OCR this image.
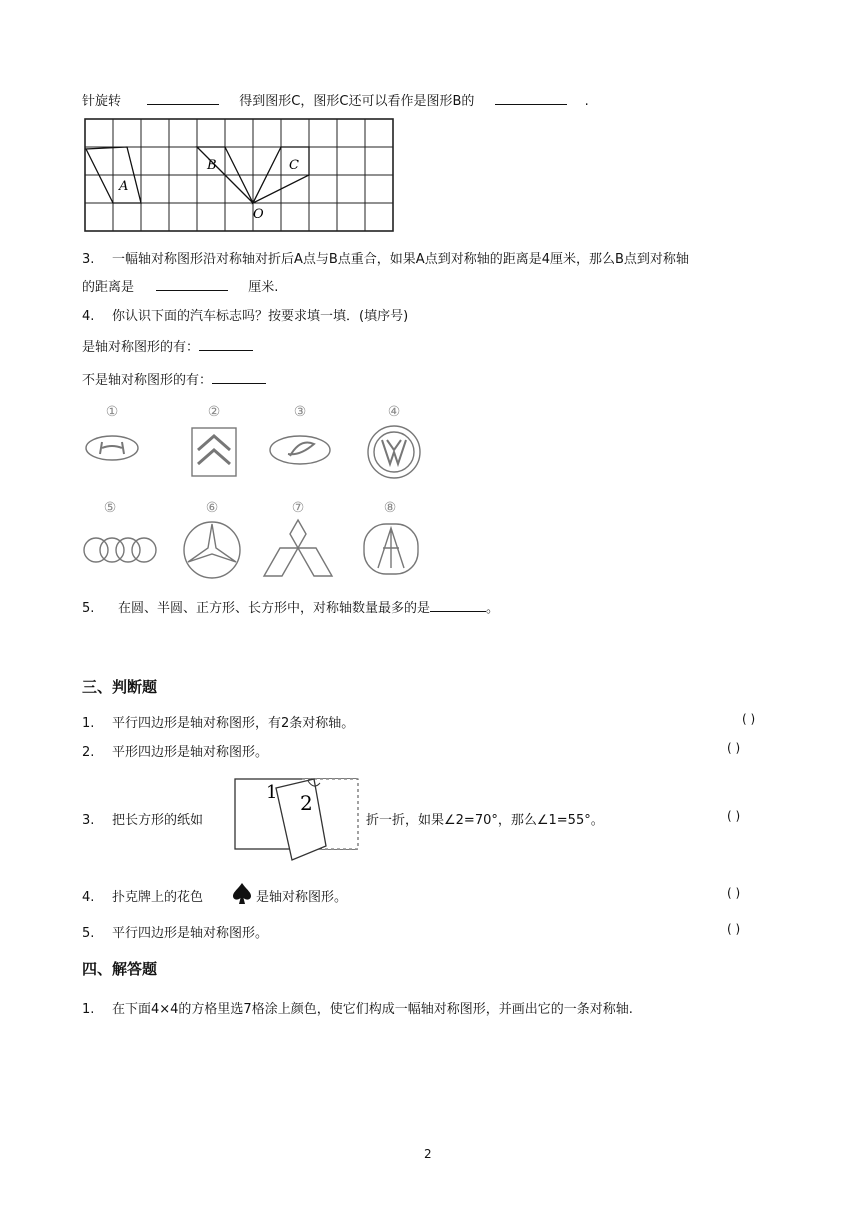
针旋转	得到图形C，图形C还可以看作是图形B的	.
A
B	C
O
3. 一幅轴对称图形沿对称轴对折后A点与B点重合，如果A点到对称轴的距离是4厘米，那么B点到对称轴
的距离是	厘米.
4. 你认识下面的汽车标志吗？按要求填一填．(填序号)
是轴对称图形的有：
不是轴对称图形的有：
①	②	③	④
⑤	⑥	⑦	⑧
5. 在圆、半圆、正方形、长方形中，对称轴数量最多的是	。
三、判断题
1. 平行四边形是轴对称图形，有2条对称轴。	( )
2. 平形四边形是轴对称图形。	( )
3. 把长方形的纸如
1 2
折一折，如果∠2=70°，那么∠1=55°。	( )
4. 扑克牌上的花色	是轴对称图形。	( )
5. 平行四边形是轴对称图形。	( )
四、解答题
1. 在下面4×4的方格里选7格涂上颜色，使它们构成一幅轴对称图形，并画出它的一条对称轴.
2
